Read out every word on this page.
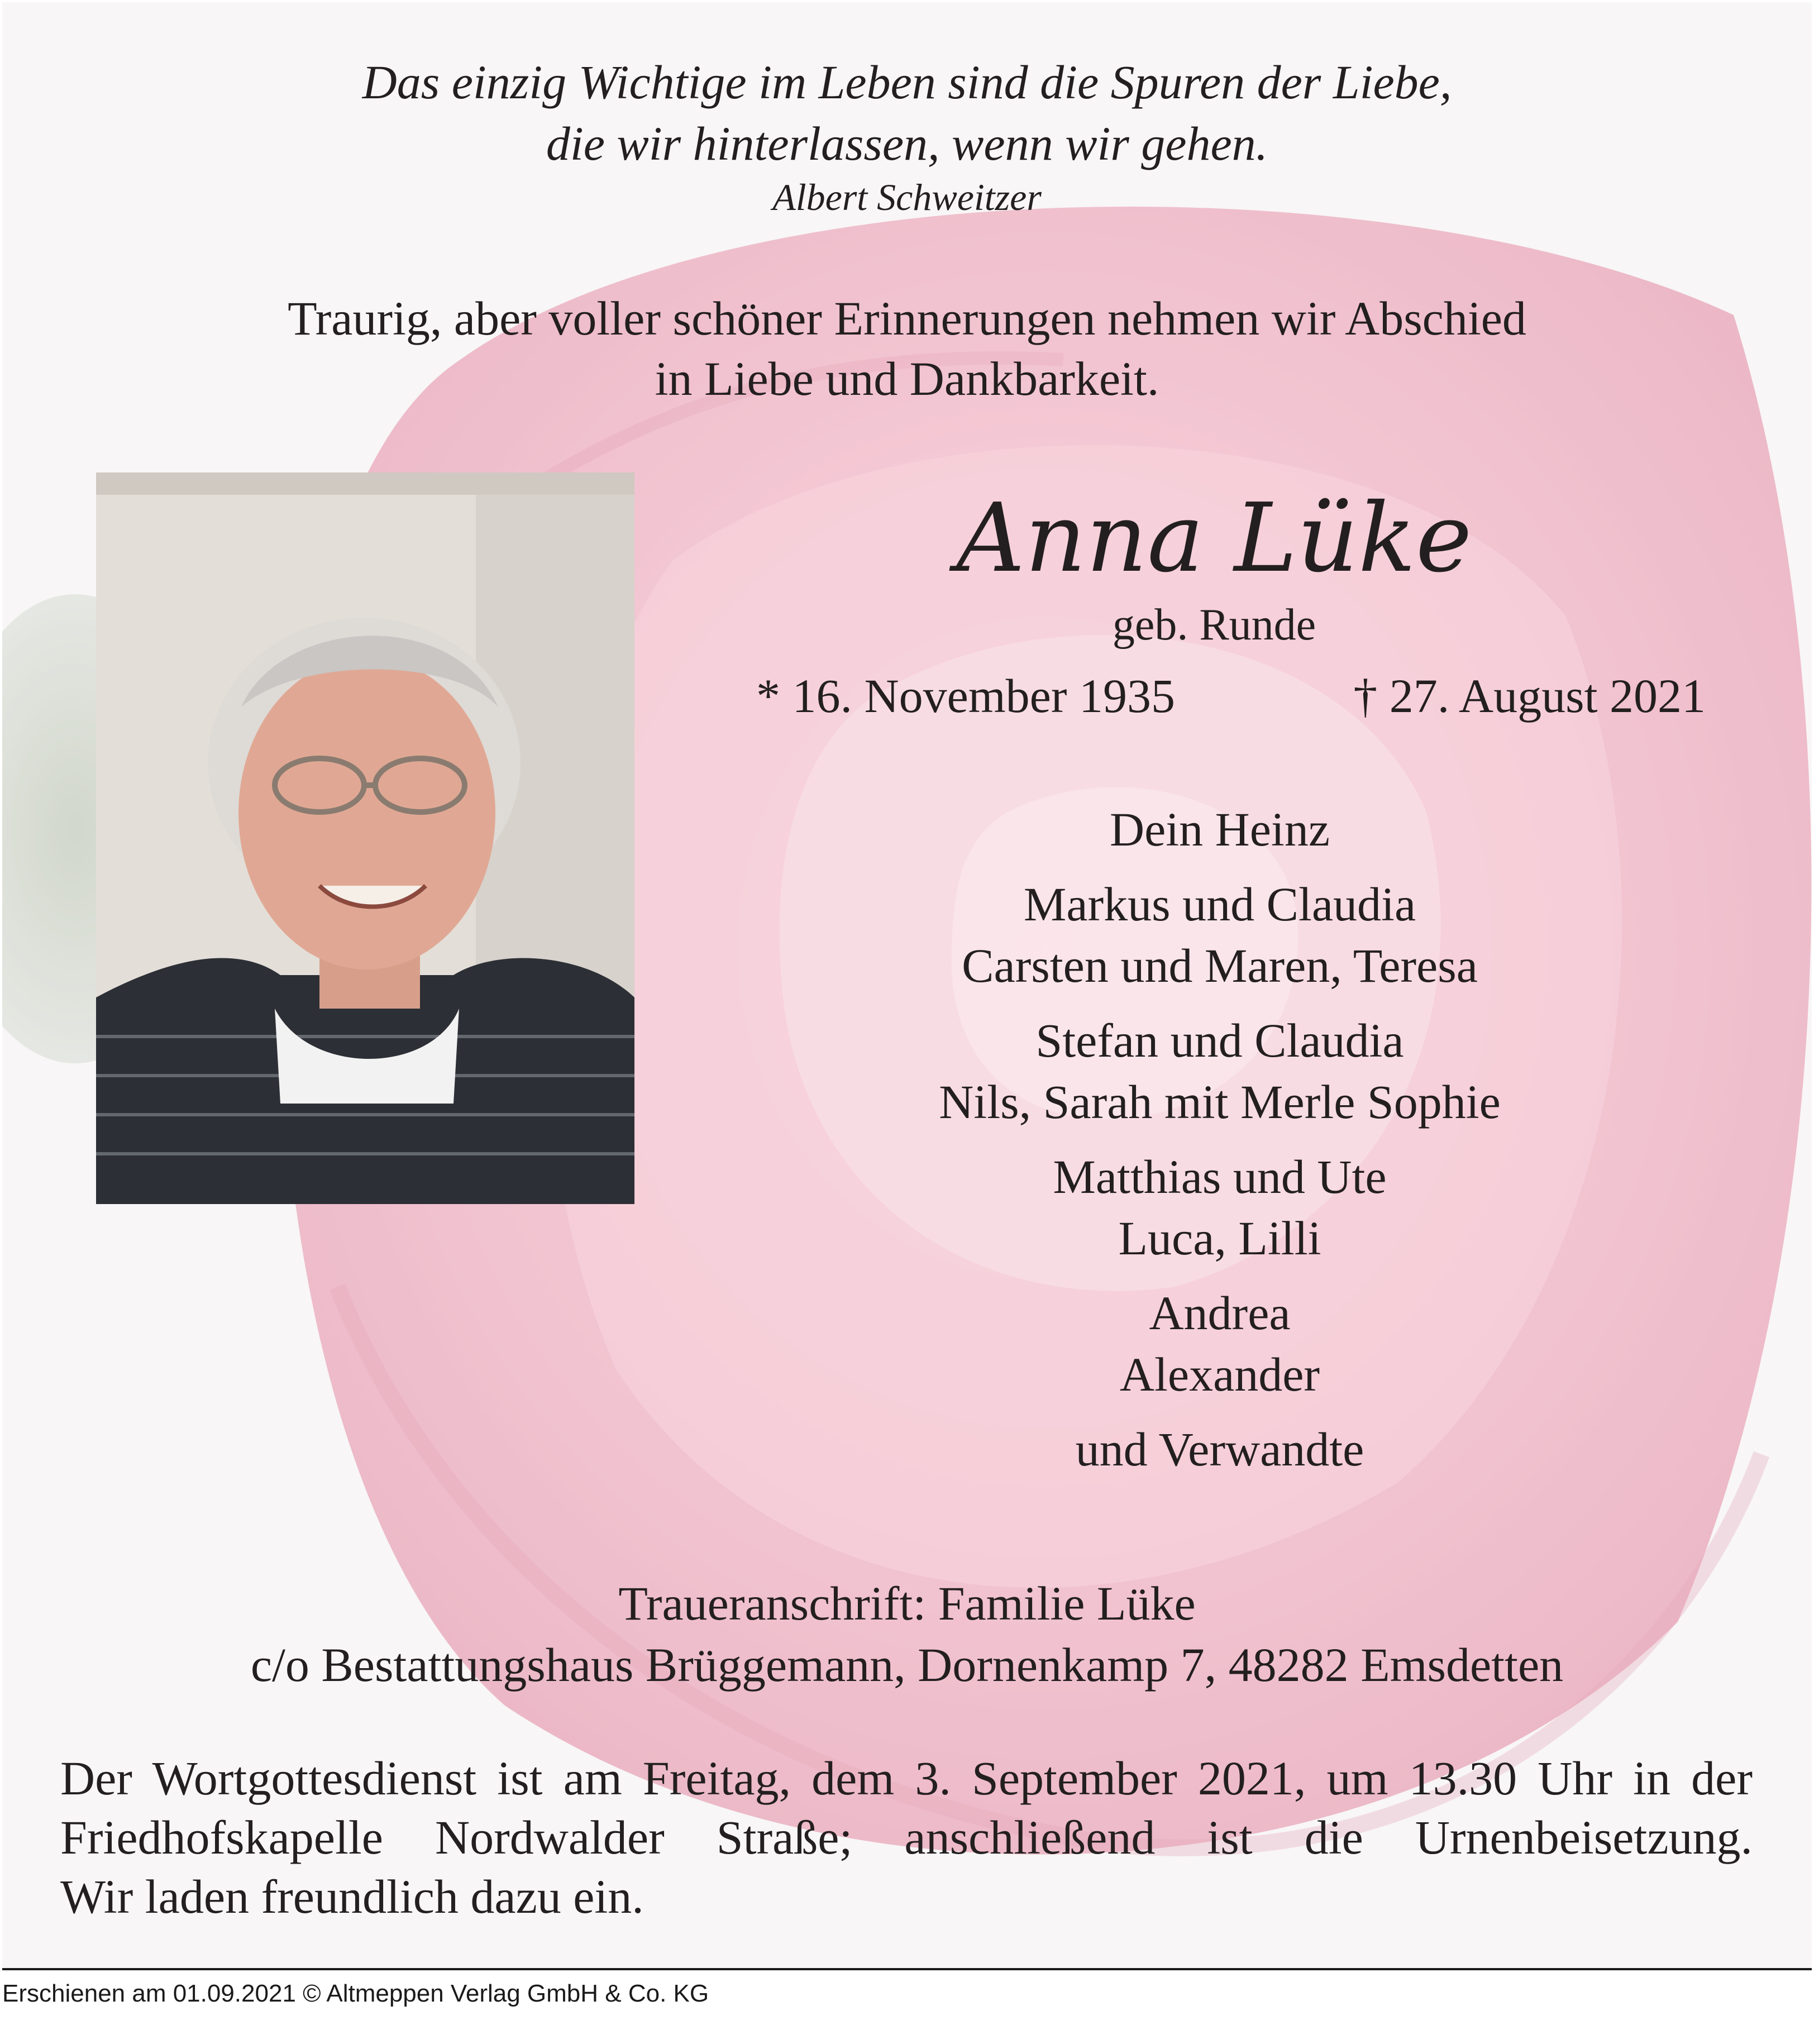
Das einzig Wichtige im Leben sind die Spuren der Liebe,
die wir hinterlassen, wenn wir gehen.
Albert Schweitzer
Traurig, aber voller schöner Erinnerungen nehmen wir Abschied
in Liebe und Dankbarkeit.
Anna Lüke
geb. Runde
* 16. November 1935	† 27. August 2021
Dein Heinz
Markus und Claudia
Carsten und Maren, Teresa
Stefan und Claudia
Nils, Sarah mit Merle Sophie
Matthias und Ute
Luca, Lilli
Andrea
Alexander
und Verwandte
Traueranschrift: Familie Lüke
c/o Bestattungshaus Brüggemann, Dornenkamp 7, 48282 Emsdetten
Der Wortgottesdienst ist am Freitag, dem 3. September 2021, um 13.30 Uhr in der
Friedhofskapelle Nordwalder Straße; anschließend ist die Urnenbeisetzung.
Wir laden freundlich dazu ein.
Erschienen am 01.09.2021 © Altmeppen Verlag GmbH & Co. KG
